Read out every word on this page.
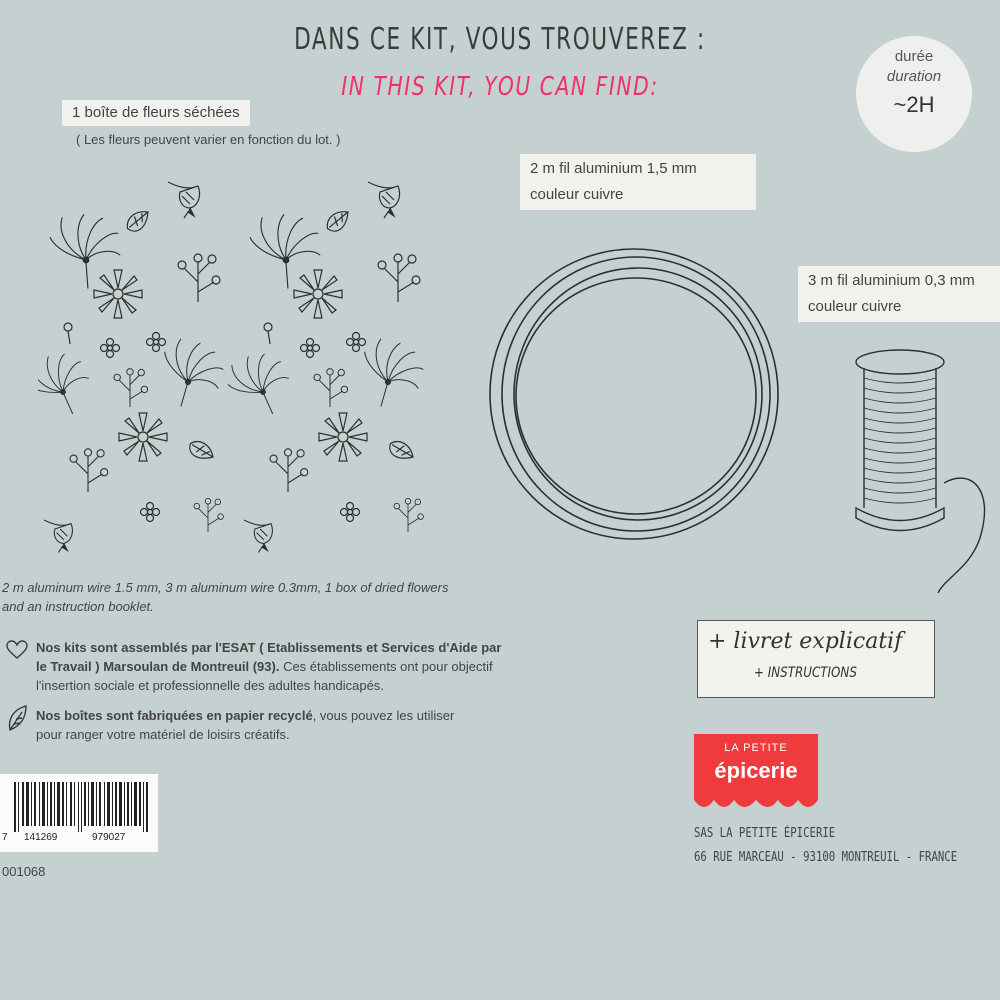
DANS CE KIT, VOUS TROUVEREZ :
IN THIS KIT, YOU CAN FIND:
durée
duration
~2H
1 boîte de fleurs séchées
( Les fleurs peuvent varier en fonction du lot. )
2 m fil aluminium 1,5 mm
couleur cuivre
3 m fil aluminium 0,3 mm
couleur cuivre
2 m aluminum wire 1.5 mm, 3 m aluminum wire 0.3mm, 1 box of dried flowers
and an instruction booklet.
Nos kits sont assemblés par l'ESAT ( Etablissements et Services d'Aide par
le Travail ) Marsoulan de Montreuil (93). Ces établissements ont pour objectif
l'insertion sociale et professionnelle des adultes handicapés.
Nos boîtes sont fabriquées en papier recyclé, vous pouvez les utiliser
pour ranger votre matériel de loisirs créatifs.
7 141269	979027
001068
+ livret explicatif
+ INSTRUCTIONS
LA PETITE
épicerie
SAS LA PETITE ÉPICERIE
66 RUE MARCEAU - 93100 MONTREUIL - FRANCE
